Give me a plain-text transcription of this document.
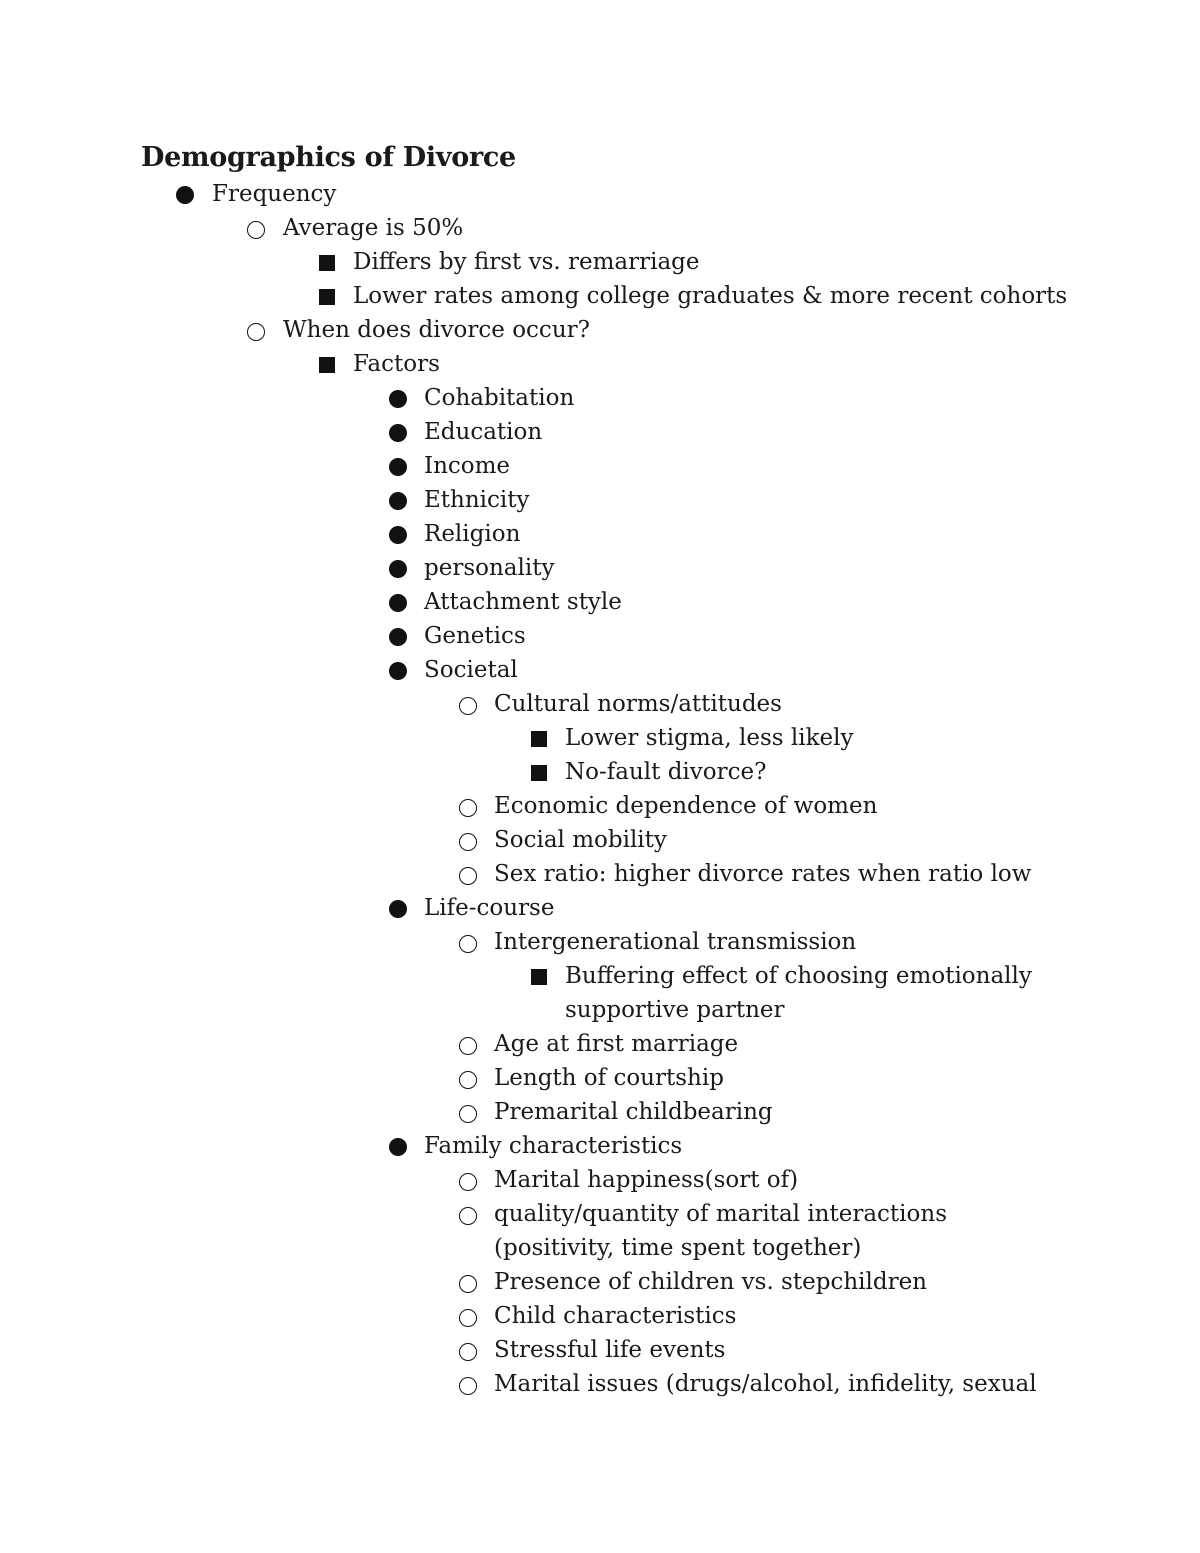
Demographics of Divorce
Frequency
Average is 50%
Differs by first vs. remarriage
Lower rates among college graduates & more recent cohorts
When does divorce occur?
Factors
Cohabitation
Education
Income
Ethnicity
Religion
personality
Attachment style
Genetics
Societal
Cultural norms/attitudes
Lower stigma, less likely
No-fault divorce?
Economic dependence of women
Social mobility
Sex ratio: higher divorce rates when ratio low
Life-course
Intergenerational transmission
Buffering effect of choosing emotionally supportive partner
Age at first marriage
Length of courtship
Premarital childbearing
Family characteristics
Marital happiness(sort of)
quality/quantity of marital interactions (positivity, time spent together)
Presence of children vs. stepchildren
Child characteristics
Stressful life events
Marital issues (drugs/alcohol, infidelity, sexual
